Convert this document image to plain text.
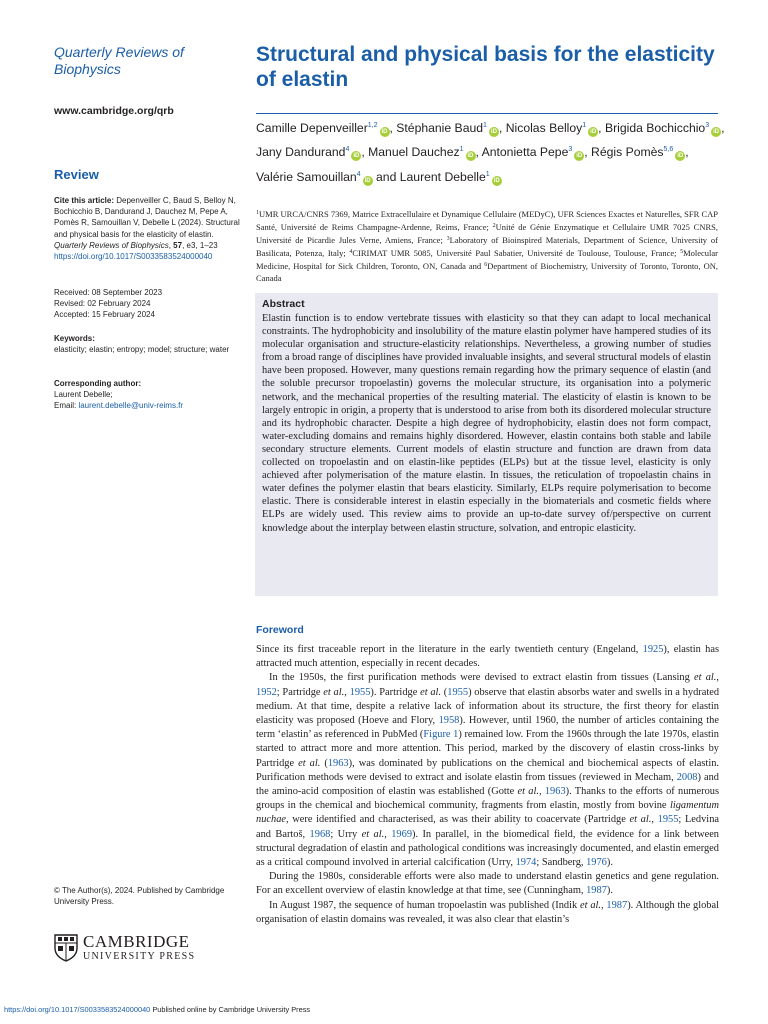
Quarterly Reviews of
Biophysics
www.cambridge.org/qrb
Review
Cite this article: Depenveiller C, Baud S, Belloy N, Bochicchio B, Dandurand J, Dauchez M, Pepe A, Pomès R, Samouillan V, Debelle L (2024). Structural and physical basis for the elasticity of elastin. Quarterly Reviews of Biophysics, 57, e3, 1–23
https://doi.org/10.1017/S0033583524000040
Received: 08 September 2023
Revised: 02 February 2024
Accepted: 15 February 2024
Keywords:
elasticity; elastin; entropy; model; structure; water
Corresponding author:
Laurent Debelle;
Email: laurent.debelle@univ-reims.fr
© The Author(s), 2024. Published by Cambridge University Press.
CAMBRIDGE
UNIVERSITY PRESS
Structural and physical basis for the elasticity of elastin
Camille Depenveiller$^{1,2}$iD , Stéphanie Baud$^1$iD , Nicolas Belloy$^1$iD , Brigida Bochicchio$^3$iD , Jany Dandurand$^4$iD , Manuel Dauchez$^1$iD , Antonietta Pepe$^3$iD , Régis Pomès$^{5,6}$iD , Valérie Samouillan$^4$iD and Laurent Debelle$^1$iD
$^1$UMR URCA/CNRS 7369, Matrice Extracellulaire et Dynamique Cellulaire (MEDyC), UFR Sciences Exactes et Naturelles, SFR CAP Santé, Université de Reims Champagne-Ardenne, Reims, France; $^2$Unité de Génie Enzymatique et Cellulaire UMR 7025 CNRS, Université de Picardie Jules Verne, Amiens, France; $^3$Laboratory of Bioinspired Materials, Department of Science, University of Basilicata, Potenza, Italy; $^4$CIRIMAT UMR 5085, Université Paul Sabatier, Université de Toulouse, Toulouse, France; $^5$Molecular Medicine, Hospital for Sick Children, Toronto, ON, Canada and $^6$Department of Biochemistry, University of Toronto, Toronto, ON, Canada
Abstract
Elastin function is to endow vertebrate tissues with elasticity so that they can adapt to local mechanical constraints. The hydrophobicity and insolubility of the mature elastin polymer have hampered studies of its molecular organisation and structure-elasticity relationships. Nevertheless, a growing number of studies from a broad range of disciplines have provided invaluable insights, and several structural models of elastin have been proposed. However, many questions remain regarding how the primary sequence of elastin (and the soluble precursor tropoelastin) governs the molecular structure, its organisation into a polymeric network, and the mechanical properties of the resulting material. The elasticity of elastin is known to be largely entropic in origin, a property that is understood to arise from both its disordered molecular structure and its hydrophobic character. Despite a high degree of hydrophobicity, elastin does not form compact, water-excluding domains and remains highly disordered. However, elastin contains both stable and labile secondary structure elements. Current models of elastin structure and function are drawn from data collected on tropoelastin and on elastin-like peptides (ELPs) but at the tissue level, elasticity is only achieved after polymerisation of the mature elastin. In tissues, the reticulation of tropoelastin chains in water defines the polymer elastin that bears elasticity. Similarly, ELPs require polymerisation to become elastic. There is considerable interest in elastin especially in the biomaterials and cosmetic fields where ELPs are widely used. This review aims to provide an up-to-date survey of/perspective on current knowledge about the interplay between elastin structure, solvation, and entropic elasticity.
Foreword

Since its first traceable report in the literature in the early twentieth century (Engeland, 1925), elastin has attracted much attention, especially in recent decades.

In the 1950s, the first purification methods were devised to extract elastin from tissues (Lansing et al., 1952; Partridge et al., 1955). Partridge et al. (1955) observe that elastin absorbs water and swells in a hydrated medium. At that time, despite a relative lack of information about its structure, the first theory for elastin elasticity was proposed (Hoeve and Flory, 1958). However, until 1960, the number of articles containing the term ‘elastin’ as referenced in PubMed (Figure 1) remained low. From the 1960s through the late 1970s, elastin started to attract more and more attention. This period, marked by the discovery of elastin cross-links by Partridge et al. (1963), was dominated by publications on the chemical and biochemical aspects of elastin. Purification methods were devised to extract and isolate elastin from tissues (reviewed in Mecham, 2008) and the amino-acid composition of elastin was established (Gotte et al., 1963). Thanks to the efforts of numerous groups in the chemical and biochemical community, fragments from elastin, mostly from bovine ligamentum nuchae, were identified and characterised, as was their ability to coacervate (Partridge et al., 1955; Ledvina and Bartoš, 1968; Urry et al., 1969). In parallel, in the biomedical field, the evidence for a link between structural degradation of elastin and pathological conditions was increasingly documented, and elastin emerged as a critical compound involved in arterial calcification (Urry, 1974; Sandberg, 1976).

During the 1980s, considerable efforts were also made to understand elastin genetics and gene regulation. For an excellent overview of elastin knowledge at that time, see (Cunningham, 1987).

In August 1987, the sequence of human tropoelastin was published (Indik et al., 1987). Although the global organisation of elastin domains was revealed, it was also clear that elastin’s

https://doi.org/10.1017/S0033583524000040 Published online by Cambridge University Press
